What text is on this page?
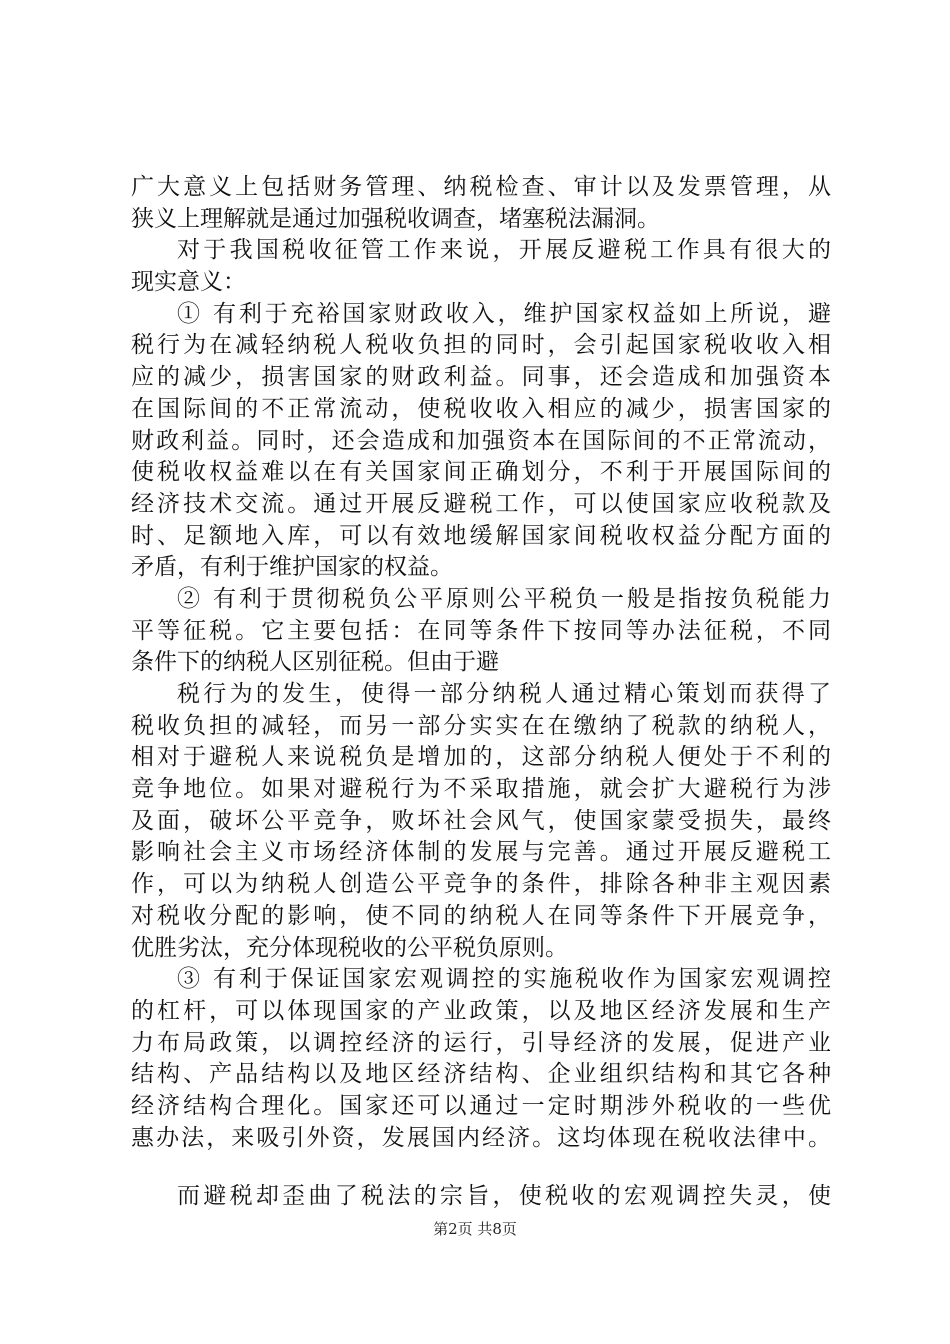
广大意义上包括财务管理、纳税检查、审计以及发票管理，从
狭义上理解就是通过加强税收调查，堵塞税法漏洞。
对于我国税收征管工作来说，开展反避税工作具有很大的
现实意义：
① 有利于充裕国家财政收入，维护国家权益如上所说，避
税行为在减轻纳税人税收负担的同时，会引起国家税收收入相
应的减少，损害国家的财政利益。同事，还会造成和加强资本
在国际间的不正常流动，使税收收入相应的减少，损害国家的
财政利益。同时，还会造成和加强资本在国际间的不正常流动，
使税收权益难以在有关国家间正确划分，不利于开展国际间的
经济技术交流。通过开展反避税工作，可以使国家应收税款及
时、足额地入库，可以有效地缓解国家间税收权益分配方面的
矛盾，有利于维护国家的权益。
② 有利于贯彻税负公平原则公平税负一般是指按负税能力
平等征税。它主要包括：在同等条件下按同等办法征税，不同
条件下的纳税人区别征税。但由于避
税行为的发生，使得一部分纳税人通过精心策划而获得了
税收负担的减轻，而另一部分实实在在缴纳了税款的纳税人，
相对于避税人来说税负是增加的，这部分纳税人便处于不利的
竞争地位。如果对避税行为不采取措施，就会扩大避税行为涉
及面，破坏公平竞争，败坏社会风气，使国家蒙受损失，最终
影响社会主义市场经济体制的发展与完善。通过开展反避税工
作，可以为纳税人创造公平竞争的条件，排除各种非主观因素
对税收分配的影响，使不同的纳税人在同等条件下开展竞争，
优胜劣汰，充分体现税收的公平税负原则。
③ 有利于保证国家宏观调控的实施税收作为国家宏观调控
的杠杆，可以体现国家的产业政策，以及地区经济发展和生产
力布局政策，以调控经济的运行，引导经济的发展，促进产业
结构、产品结构以及地区经济结构、企业组织结构和其它各种
经济结构合理化。国家还可以通过一定时期涉外税收的一些优
惠办法，来吸引外资，发展国内经济。这均体现在税收法律中。
而避税却歪曲了税法的宗旨，使税收的宏观调控失灵，使
第2页 共8页
